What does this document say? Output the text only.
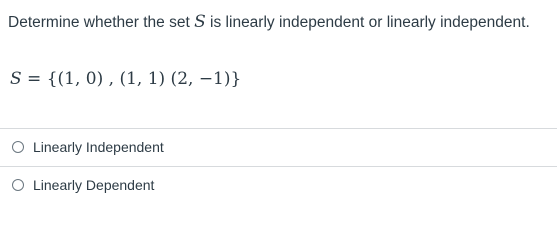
Determine whether the set S is linearly independent or linearly independent.
S = {(1, 0) , (1, 1) (2, −1)}
Linearly Independent
Linearly Dependent
